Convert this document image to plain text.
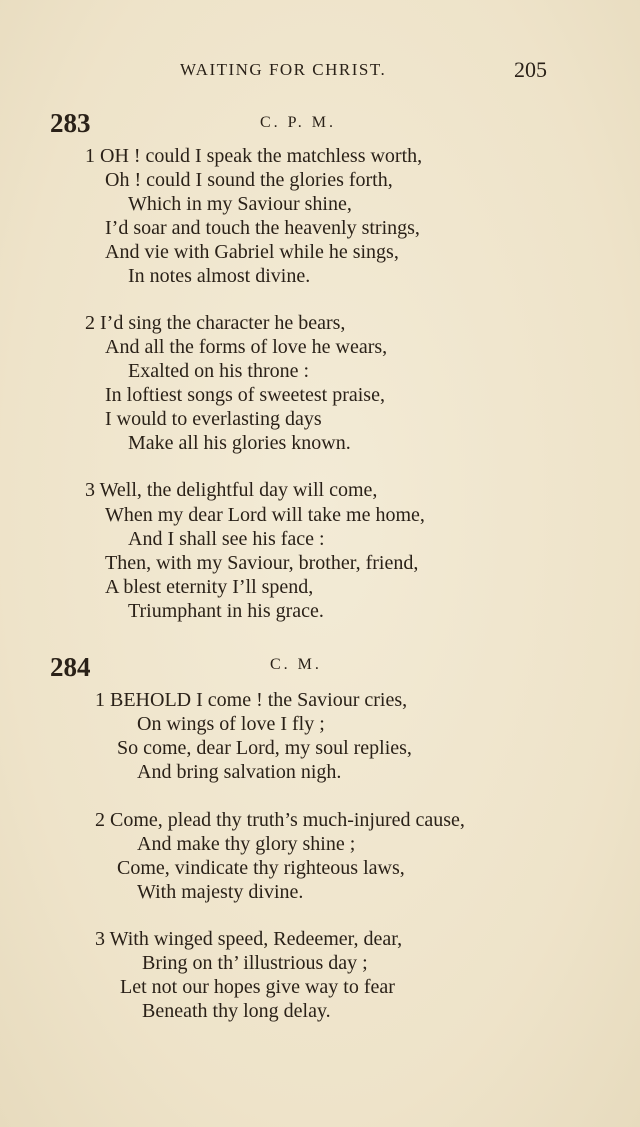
WAITING FOR CHRIST.	205
283	C. P. M.
1 OH ! could I speak the matchless worth,
Oh ! could I sound the glories forth,
Which in my Saviour shine,
I’d soar and touch the heavenly strings,
And vie with Gabriel while he sings,
In notes almost divine.
2 I’d sing the character he bears,
And all the forms of love he wears,
Exalted on his throne :
In loftiest songs of sweetest praise,
I would to everlasting days
Make all his glories known.
3 Well, the delightful day will come,
When my dear Lord will take me home,
And I shall see his face :
Then, with my Saviour, brother, friend,
A blest eternity I’ll spend,
Triumphant in his grace.
284	C. M.
1 BEHOLD I come ! the Saviour cries,
On wings of love I fly ;
So come, dear Lord, my soul replies,
And bring salvation nigh.
2 Come, plead thy truth’s much-injured cause,
And make thy glory shine ;
Come, vindicate thy righteous laws,
With majesty divine.
3 With winged speed, Redeemer, dear,
Bring on th’ illustrious day ;
Let not our hopes give way to fear
Beneath thy long delay.
